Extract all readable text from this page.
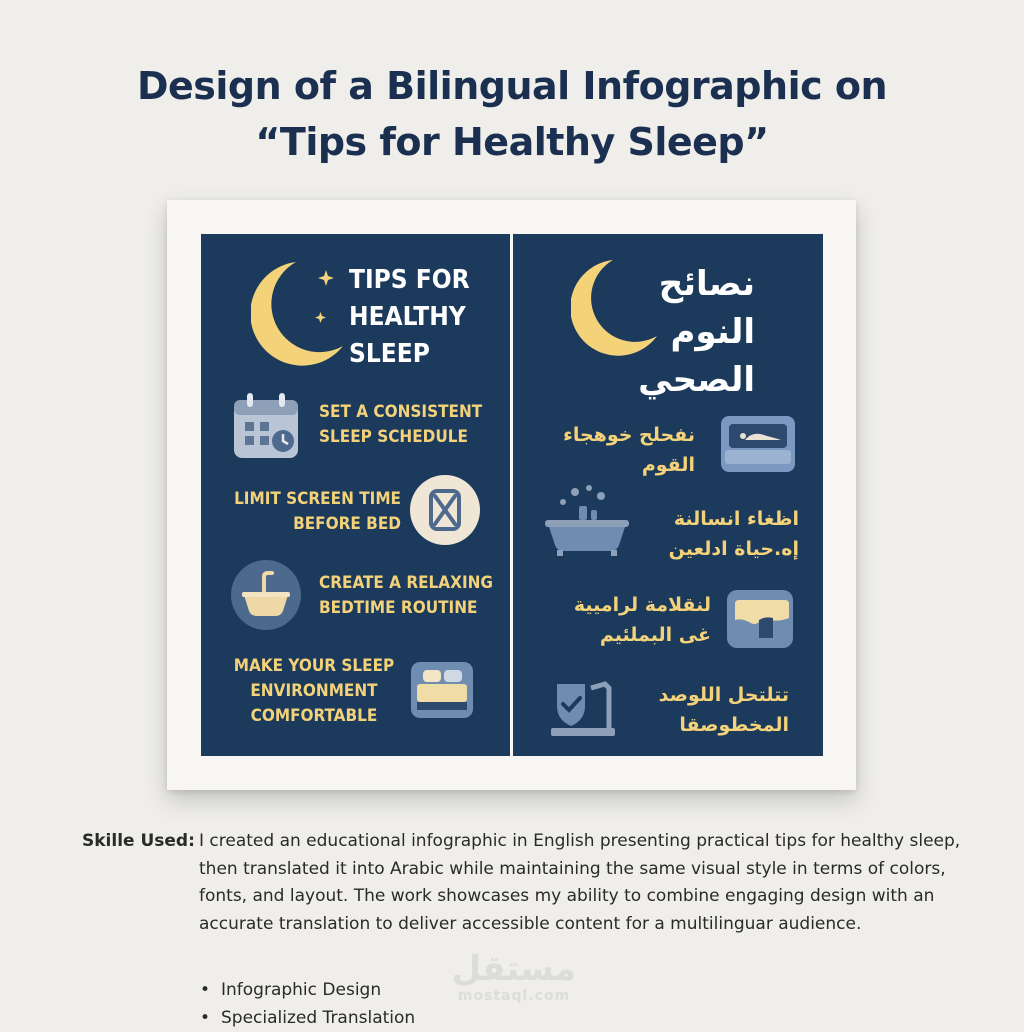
Design of a Bilingual Infographic on
“Tips for Healthy Sleep”
TIPS FOR
HEALTHY
SLEEP
SET A CONSISTENT
SLEEP SCHEDULE
LIMIT SCREEN TIME
BEFORE BED
CREATE A RELAXING
BEDTIME ROUTINE
MAKE YOUR SLEEP
ENVIRONMENT
COMFORTABLE
نصائح
النوم
الصحي
نفحلح خوهجاء
القوم
اظغاء انسالنة
إه.حياة ادلعين
لنقلامة لراميية
غى البملئيم
تتلتحل اللوصد
المخطوصقا
مستقل
mostaql.com
Skille Used: I created an educational infographic in English presenting practical tips for healthy sleep, then translated it into Arabic while maintaining the same visual style in terms of colors, fonts, and layout. The work showcases my ability to combine engaging design with an accurate translation to deliver accessible content for a multilinguar audience.
• Infographic Design
• Specialized Translation
